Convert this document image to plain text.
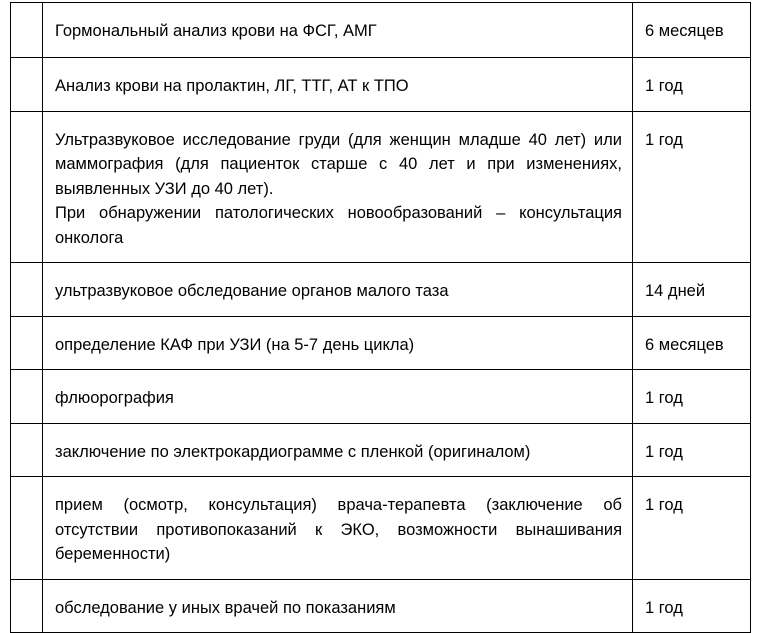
	Гормональный анализ крови на ФСГ, АМГ	6 месяцев
	Анализ крови на пролактин, ЛГ, ТТГ, АТ к ТПО	1 год

	Ультразвуковое исследование груди (для женщин младше 40 лет) или маммография (для пациенток старше с 40 лет и при изменениях, выявленных УЗИ до 40 лет).
При обнаружении патологических новообразований – консультация онколога	1 год
	ультразвуковое обследование органов малого таза	14 дней
	определение КАФ при УЗИ (на 5-7 день цикла)	6 месяцев
	флюорография	1 год
	заключение по электрокардиограмме с пленкой (оригиналом)	1 год
	прием (осмотр, консультация) врача-терапевта (заключение об отсутствии противопоказаний к ЭКО, возможности вынашивания беременности)	1 год
	обследование у иных врачей по показаниям	1 год
